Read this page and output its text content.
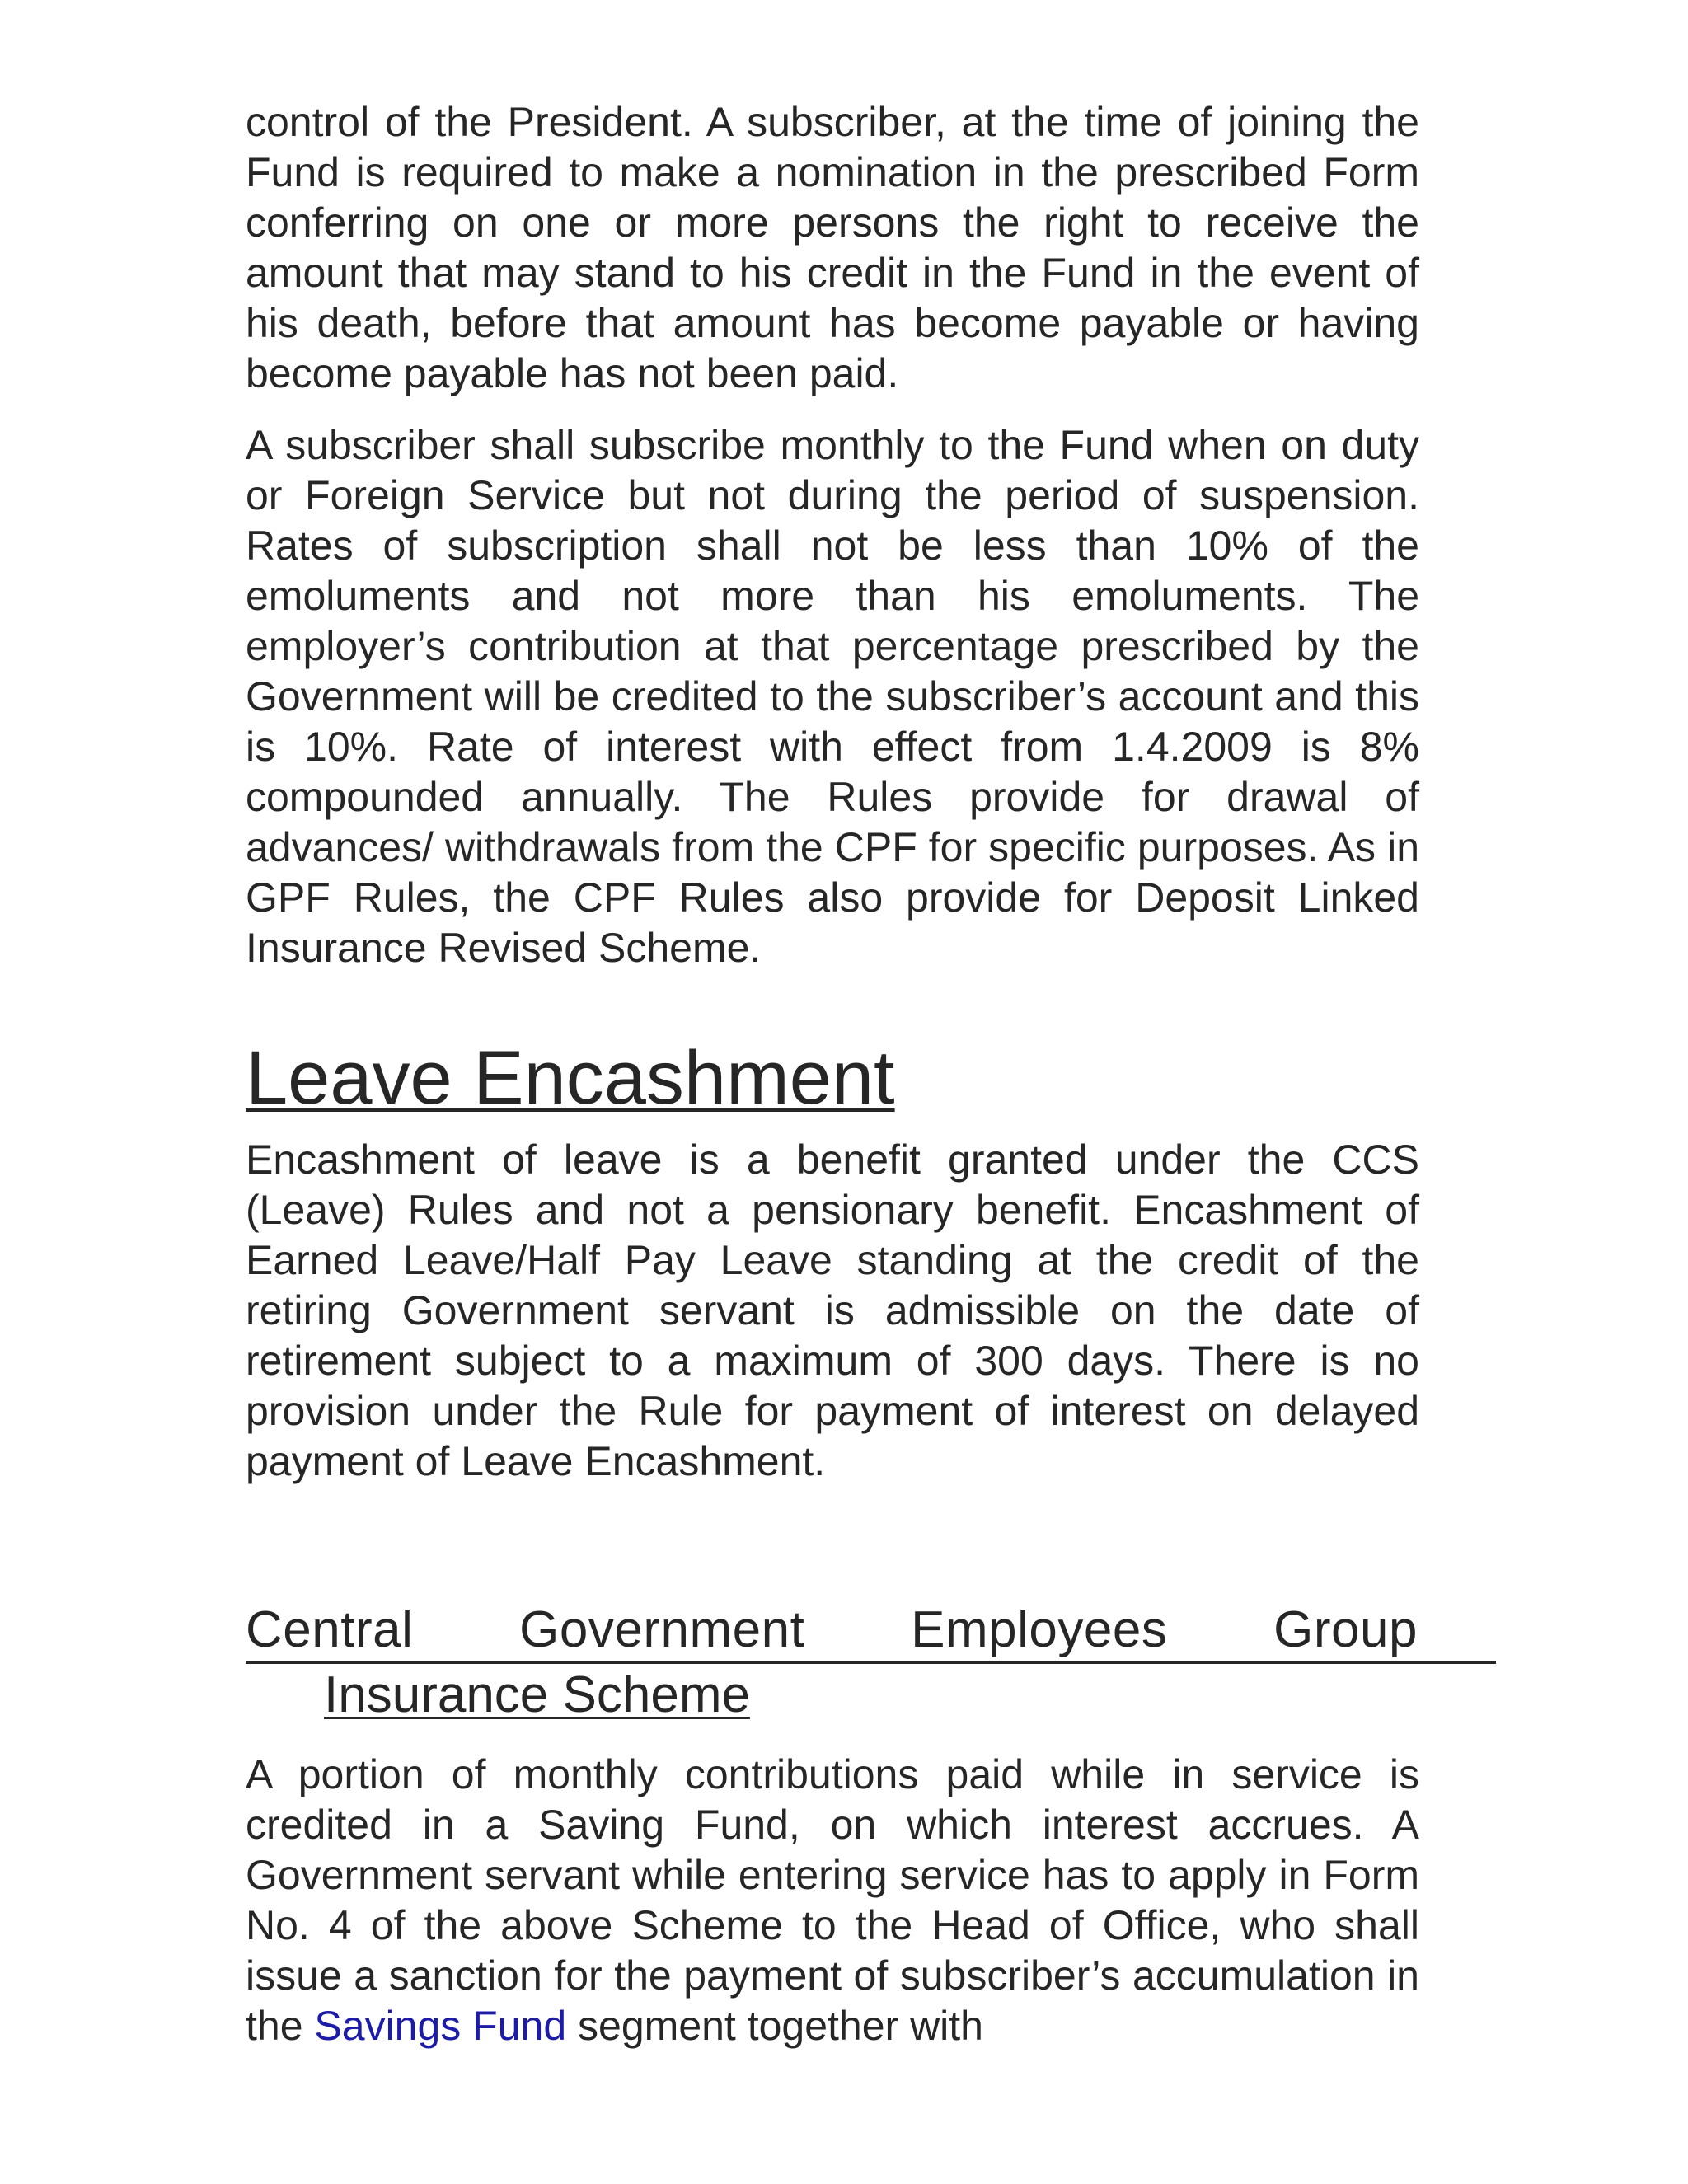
control of the President. A subscriber, at the time of joining the Fund is required to make a nomination in the prescribed Form conferring on one or more persons the right to receive the amount that may stand to his credit in the Fund in the event of his death, before that amount has become payable or having become payable has not been paid.

A subscriber shall subscribe monthly to the Fund when on duty or Foreign Service but not during the period of suspension. Rates of subscription shall not be less than 10% of the emoluments and not more than his emoluments. The employer’s contribution at that percentage prescribed by the Government will be credited to the subscriber’s account and this is 10%. Rate of interest with effect from 1.4.2009 is 8% compounded annually. The Rules provide for drawal of advances/ withdrawals from the CPF for specific purposes. As in GPF Rules, the CPF Rules also provide for Deposit Linked Insurance Revised Scheme.

Leave Encashment

Encashment of leave is a benefit granted under the CCS (Leave) Rules and not a pensionary benefit. Encashment of Earned Leave/Half Pay Leave standing at the credit of the retiring Government servant is admissible on the date of retirement subject to a maximum of 300 days. There is no provision under the Rule for payment of interest on delayed payment of Leave Encashment.

Central Government Employees Group
Insurance Scheme

A portion of monthly contributions paid while in service is credited in a Saving Fund, on which interest accrues. A Government servant while entering service has to apply in Form No. 4 of the above Scheme to the Head of Office, who shall issue a sanction for the payment of subscriber’s accumulation in the Savings Fund segment together with
